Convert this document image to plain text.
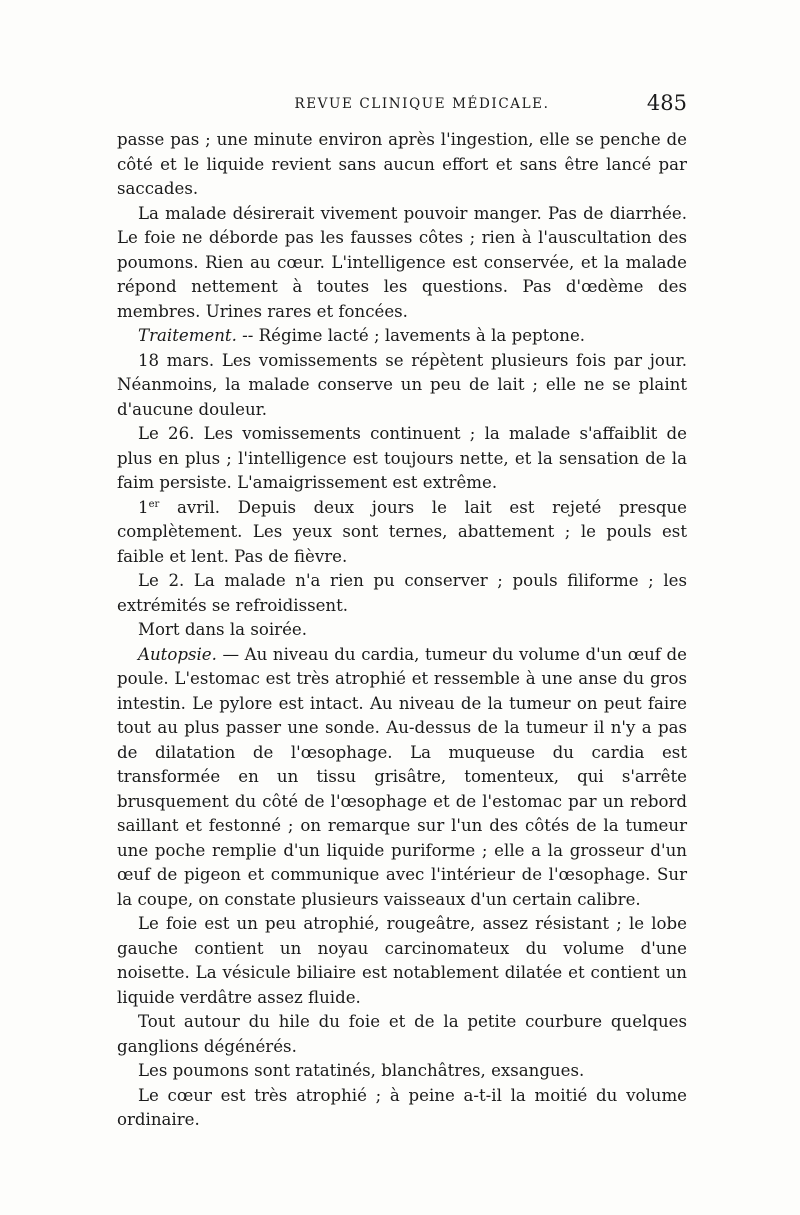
REVUE CLINIQUE MÉDICALE.	485

passe pas ; une minute environ après l'ingestion, elle se penche de côté et le liquide revient sans aucun effort et sans être lancé par saccades.

La malade désirerait vivement pouvoir manger. Pas de diarrhée. Le foie ne déborde pas les fausses côtes ; rien à l'auscultation des poumons. Rien au cœur. L'intelligence est conservée, et la malade répond nettement à toutes les questions. Pas d'œdème des membres. Urines rares et foncées.

Traitement. -- Régime lacté ; lavements à la peptone.

18 mars. Les vomissements se répètent plusieurs fois par jour. Néanmoins, la malade conserve un peu de lait ; elle ne se plaint d'aucune douleur.

Le 26. Les vomissements continuent ; la malade s'affaiblit de plus en plus ; l'intelligence est toujours nette, et la sensation de la faim persiste. L'amaigrissement est extrême.

1er avril. Depuis deux jours le lait est rejeté presque complètement. Les yeux sont ternes, abattement ; le pouls est faible et lent. Pas de fièvre.

Le 2. La malade n'a rien pu conserver ; pouls filiforme ; les extrémités se refroidissent.

Mort dans la soirée.

Autopsie. — Au niveau du cardia, tumeur du volume d'un œuf de poule. L'estomac est très atrophié et ressemble à une anse du gros intestin. Le pylore est intact. Au niveau de la tumeur on peut faire tout au plus passer une sonde. Au-dessus de la tumeur il n'y a pas de dilatation de l'œsophage. La muqueuse du cardia est transformée en un tissu grisâtre, tomenteux, qui s'arrête brusquement du côté de l'œsophage et de l'estomac par un rebord saillant et festonné ; on remarque sur l'un des côtés de la tumeur une poche remplie d'un liquide puriforme ; elle a la grosseur d'un œuf de pigeon et communique avec l'intérieur de l'œsophage. Sur la coupe, on constate plusieurs vaisseaux d'un certain calibre.

Le foie est un peu atrophié, rougeâtre, assez résistant ; le lobe gauche contient un noyau carcinomateux du volume d'une noisette. La vésicule biliaire est notablement dilatée et contient un liquide verdâtre assez fluide.

Tout autour du hile du foie et de la petite courbure quelques ganglions dégénérés.

Les poumons sont ratatinés, blanchâtres, exsangues.

Le cœur est très atrophié ; à peine a-t-il la moitié du volume ordinaire.
